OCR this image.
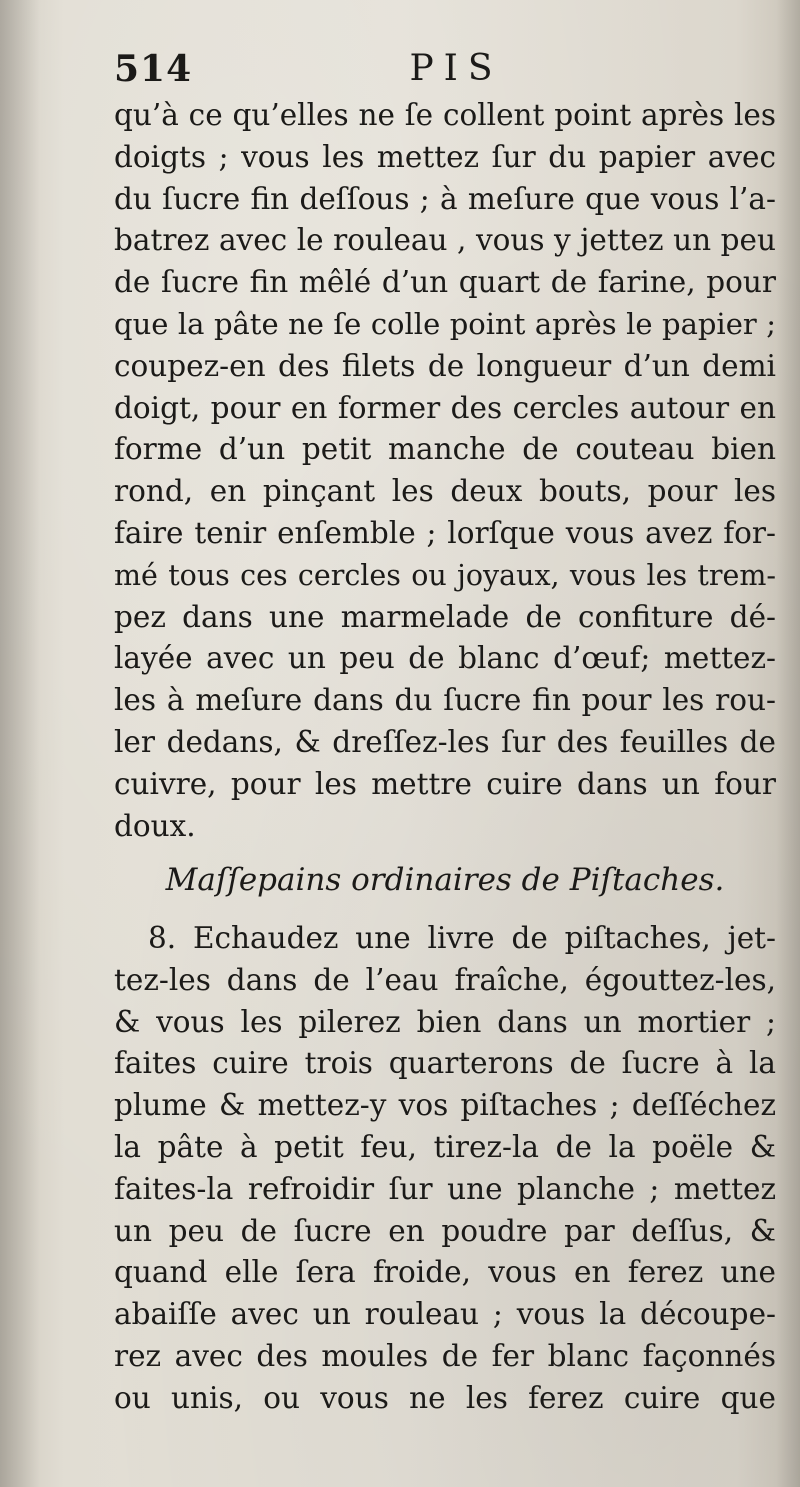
514	PIS
qu’à ce qu’elles ne ſe collent point après les
doigts ; vous les mettez ſur du papier avec
du ſucre fin deſſous ; à meſure que vous l’a-
batrez avec le rouleau , vous y jettez un peu
de ſucre fin mêlé d’un quart de farine, pour
que la pâte ne ſe colle point après le papier ;
coupez-en des filets de longueur d’un demi
doigt, pour en former des cercles autour en
forme d’un petit manche de couteau bien
rond, en pinçant les deux bouts, pour les
faire tenir enſemble ; lorſque vous avez for-
mé tous ces cercles ou joyaux, vous les trem-
pez dans une marmelade de confiture dé-
layée avec un peu de blanc d’œuf; mettez-
les à meſure dans du ſucre fin pour les rou-
ler dedans, & dreſſez-les ſur des feuilles de
cuivre, pour les mettre cuire dans un four
doux.
Maſſepains ordinaires de Piſtaches.
8. Echaudez une livre de piſtaches, jet-
tez-les dans de l’eau fraîche, égouttez-les,
& vous les pilerez bien dans un mortier ;
faites cuire trois quarterons de ſucre à la
plume & mettez-y vos piſtaches ; deſſéchez
la pâte à petit feu, tirez-la de la poële &
faites-la refroidir ſur une planche ; mettez
un peu de ſucre en poudre par deſſus, &
quand elle ſera froide, vous en ferez une
abaiſſe avec un rouleau ; vous la découpe-
rez avec des moules de fer blanc façonnés
ou unis, ou vous ne les ferez cuire que
